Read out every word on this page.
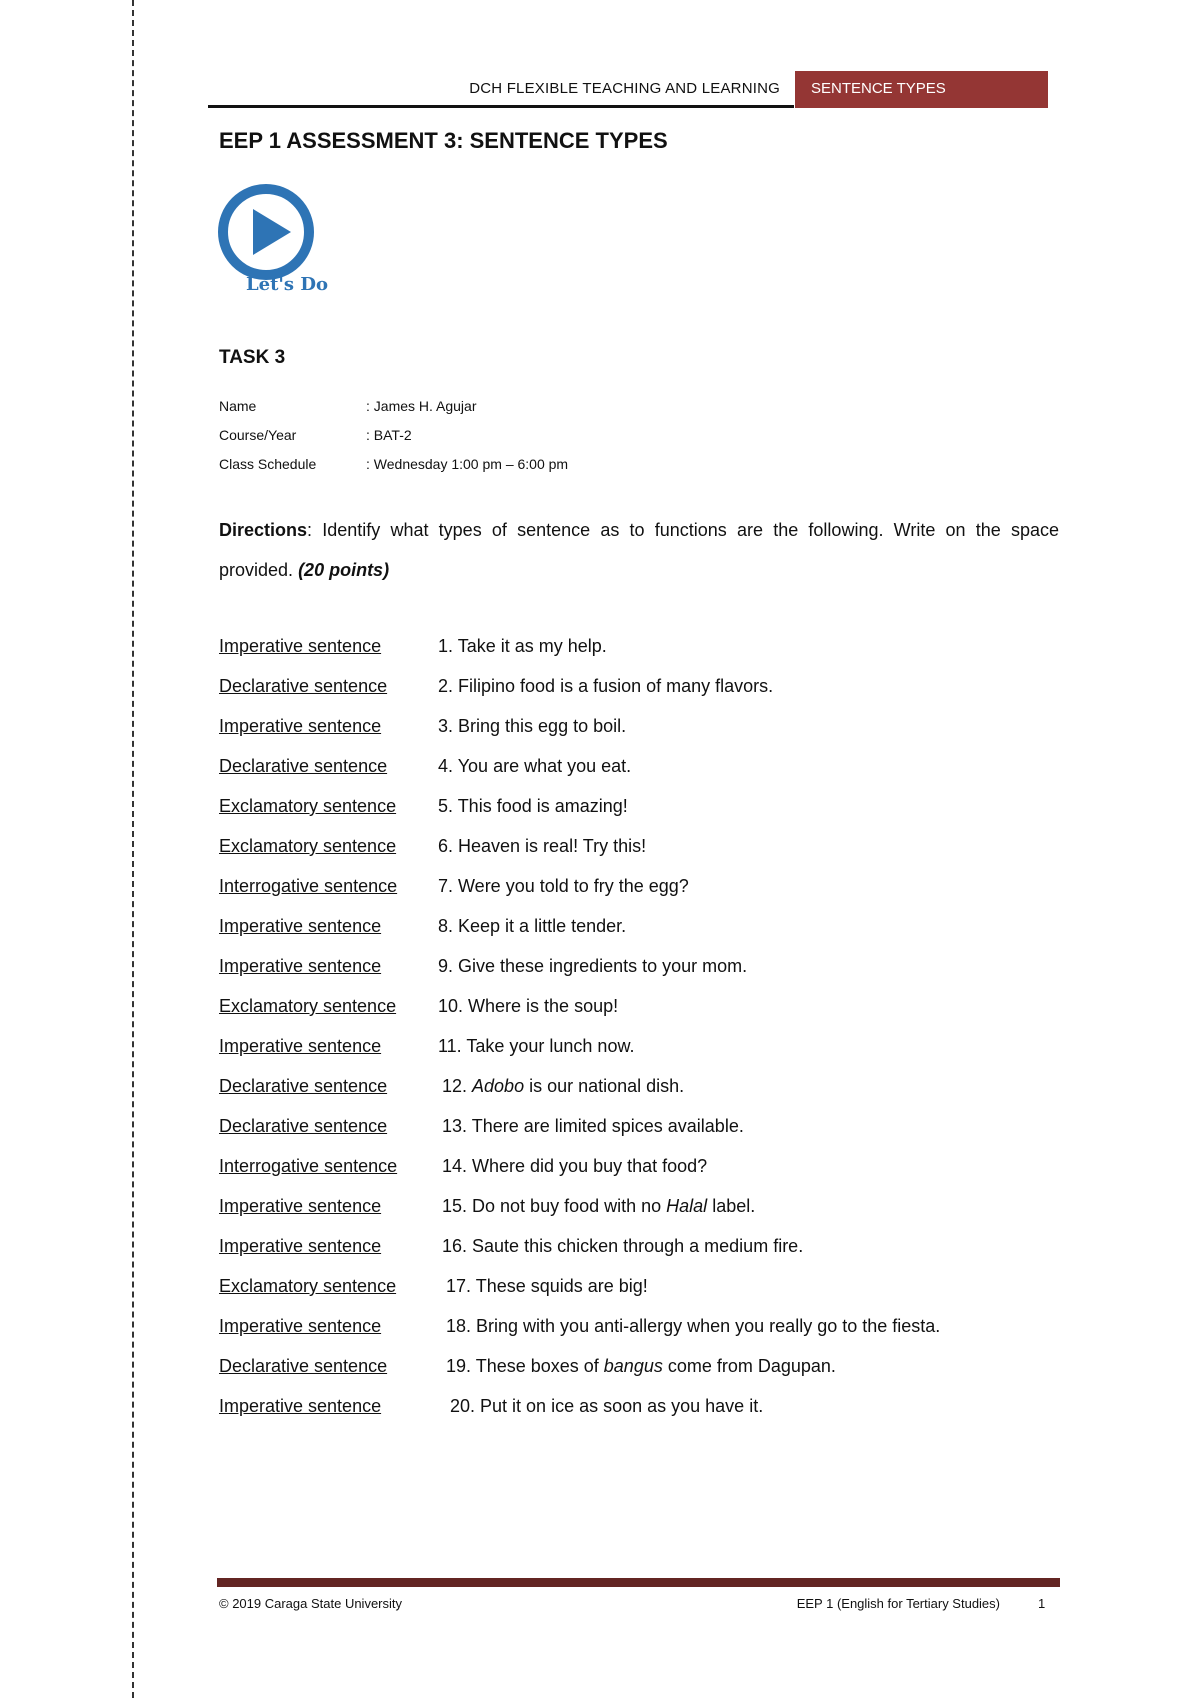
DCH FLEXIBLE TEACHING AND LEARNING SENTENCE TYPES
EEP 1 ASSESSMENT 3: SENTENCE TYPES
Let's Do
TASK 3
Name	: James H. Agujar
Course/Year	: BAT-2
Class Schedule	: Wednesday 1:00 pm – 6:00 pm
Directions: Identify what types of sentence as to functions are the following. Write on the space provided. (20 points)
Imperative sentence	1. Take it as my help.
Declarative sentence	2. Filipino food is a fusion of many flavors.
Imperative sentence	3. Bring this egg to boil.
Declarative sentence	4. You are what you eat.
Exclamatory sentence 5. This food is amazing!
Exclamatory sentence 6. Heaven is real! Try this!
Interrogative sentence 7. Were you told to fry the egg?
Imperative sentence	8. Keep it a little tender.
Imperative sentence	9. Give these ingredients to your mom.
Exclamatory sentence 10. Where is the soup!
Imperative sentence	11. Take your lunch now.
Declarative sentence	12. Adobo is our national dish.
Declarative sentence	13. There are limited spices available.
Interrogative sentence 14. Where did you buy that food?
Imperative sentence	15. Do not buy food with no Halal label.
Imperative sentence	16. Saute this chicken through a medium fire.
Exclamatory sentence	17. These squids are big!
Imperative sentence	18. Bring with you anti-allergy when you really go to the fiesta.
Declarative sentence	19. These boxes of bangus come from Dagupan.
Imperative sentence	20. Put it on ice as soon as you have it.
© 2019 Caraga State University	EEP 1 (English for Tertiary Studies)	1
